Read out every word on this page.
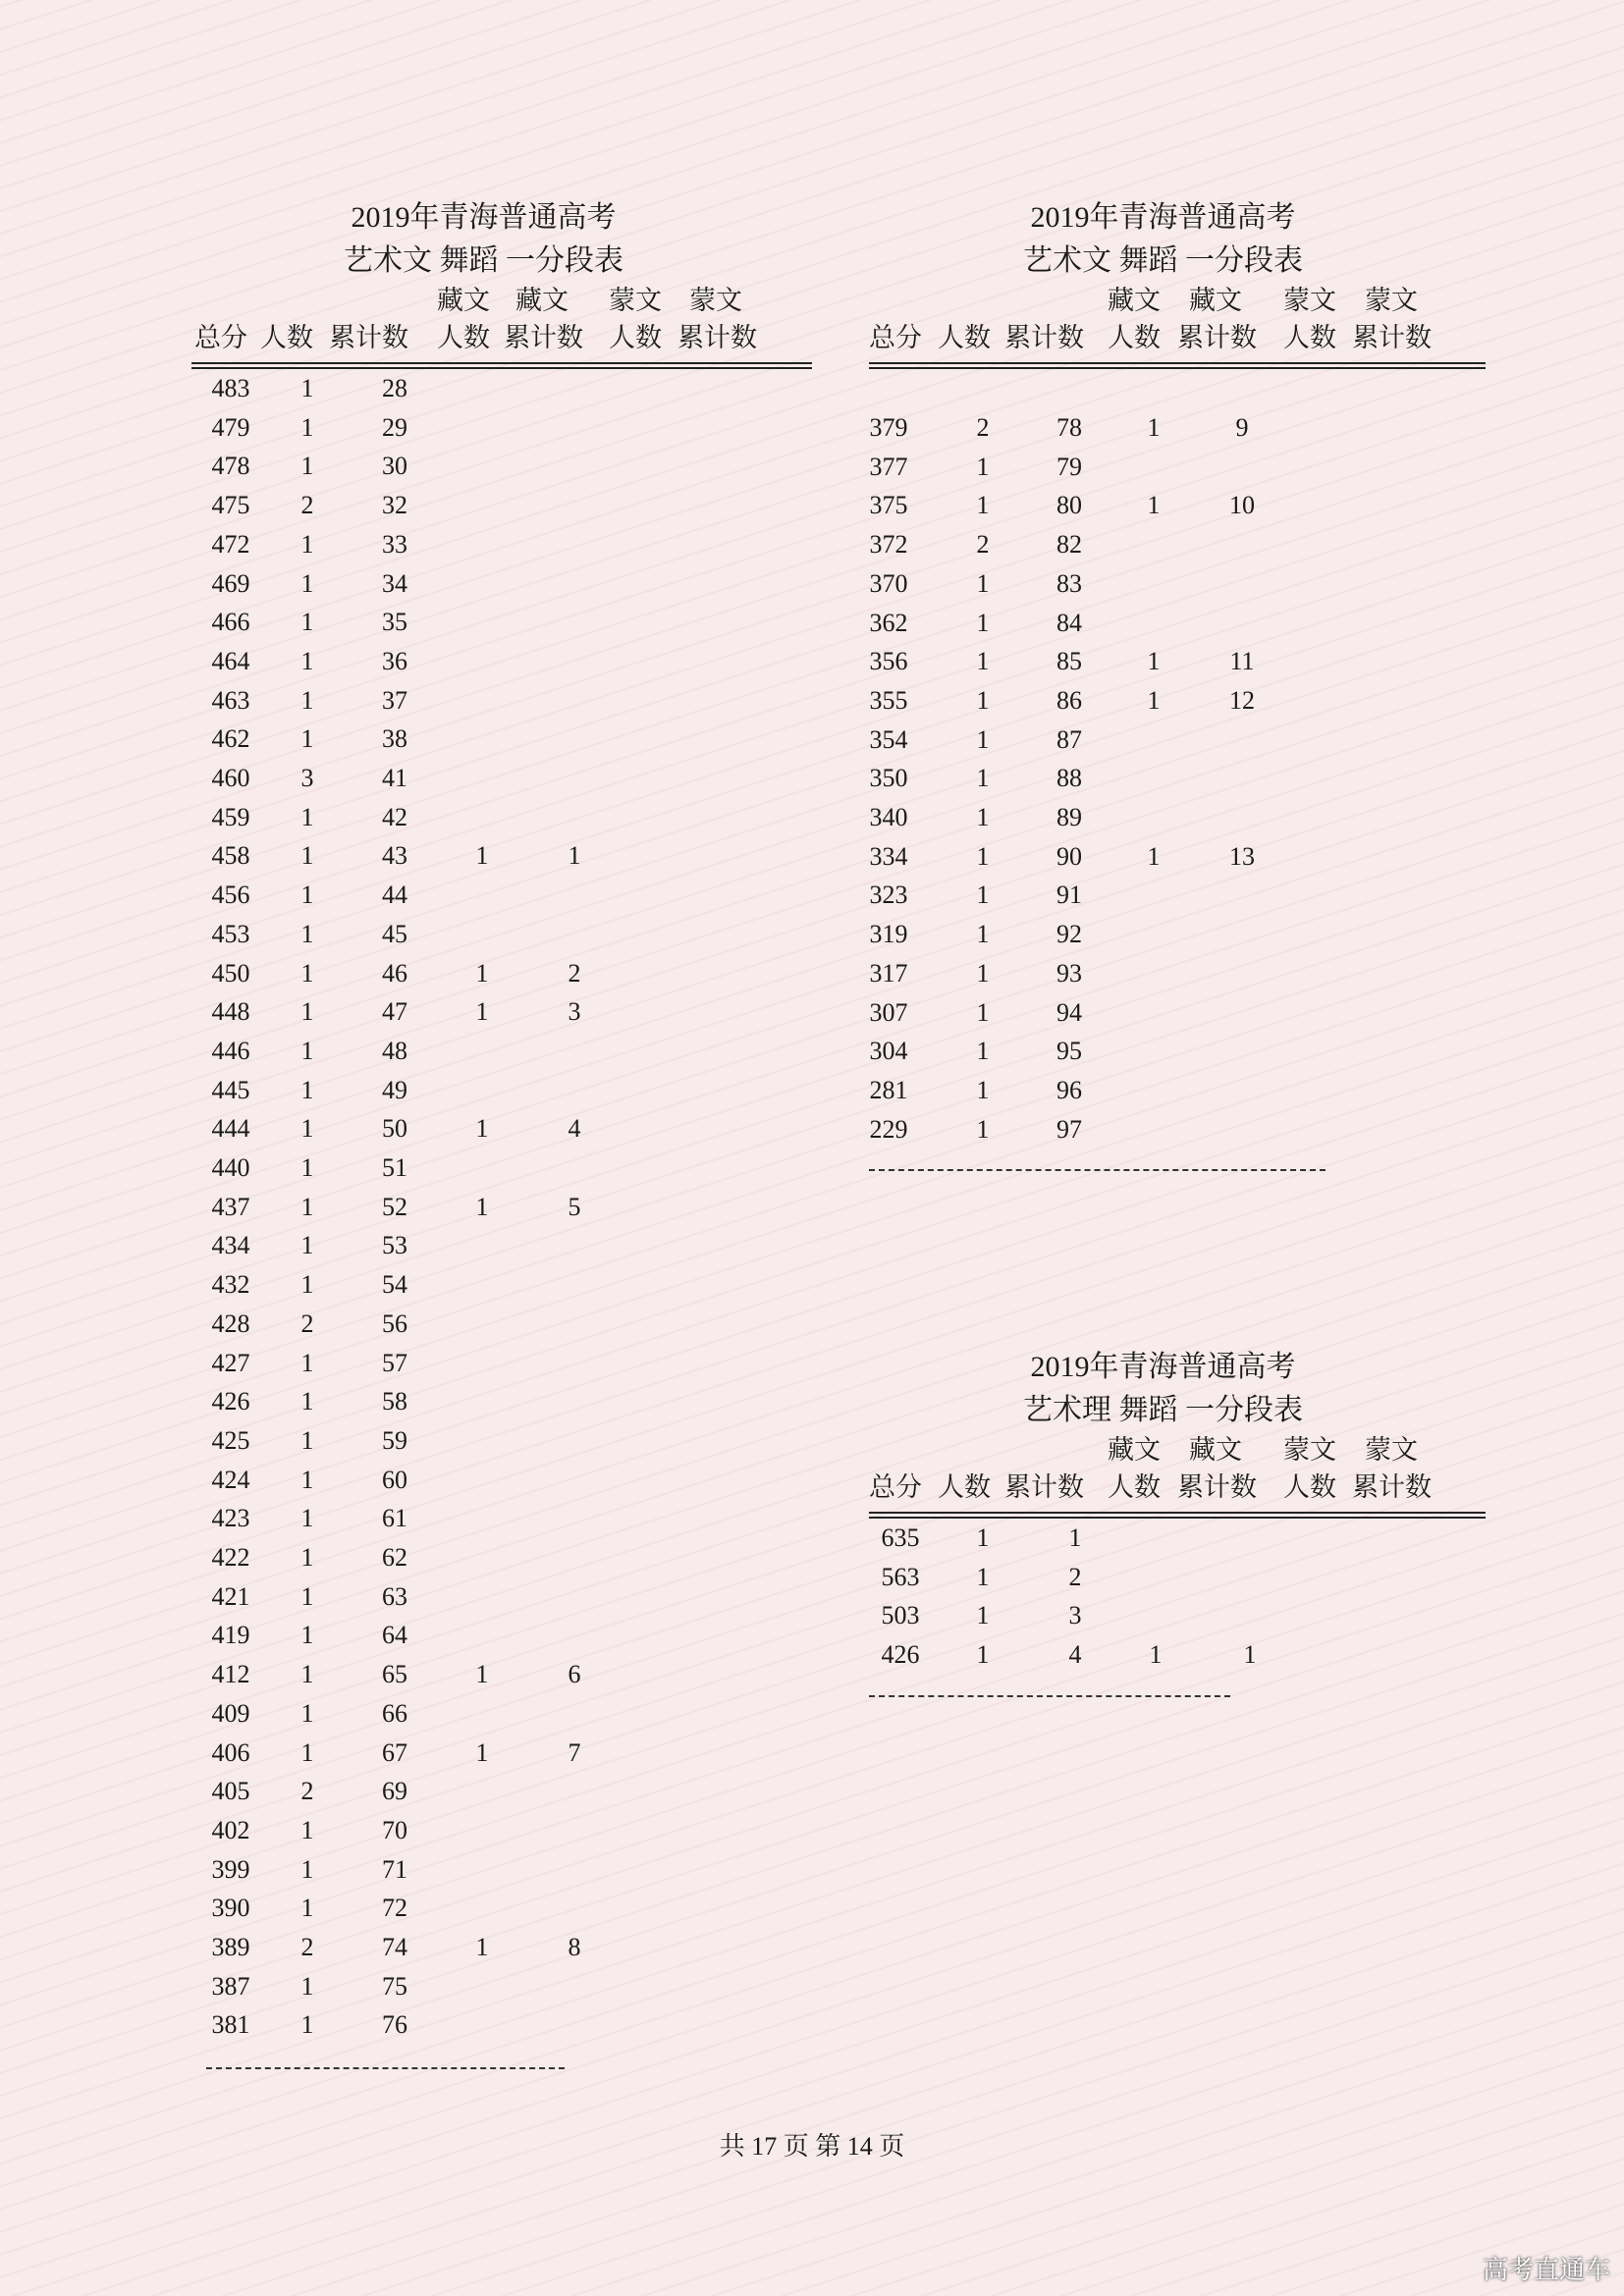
2019年青海普通高考
艺术文 舞蹈 一分段表
藏文 藏文 蒙文 蒙文
总分 人数 累计数 人数 累计数 人数 累计数
483	1	28
479	1	29
478	1	30
475	2	32
472	1	33
469	1	34
466	1	35
464	1	36
463	1	37
462	1	38
460	3	41
459	1	42
458	1	43	1	1
456	1	44
453	1	45
450	1	46	1	2
448	1	47	1	3
446	1	48
445	1	49
444	1	50	1	4
440	1	51
437	1	52	1	5
434	1	53
432	1	54
428	2	56
427	1	57
426	1	58
425	1	59
424	1	60
423	1	61
422	1	62
421	1	63
419	1	64
412	1	65	1	6
409	1	66
406	1	67	1	7
405	2	69
402	1	70
399	1	71
390	1	72
389	2	74	1	8
387	1	75
381	1	76
2019年青海普通高考
艺术文 舞蹈 一分段表
藏文 藏文 蒙文 蒙文
总分 人数 累计数 人数 累计数 人数 累计数
379	2	78	1	9
377	1	79
375	1	80	1	10
372	2	82
370	1	83
362	1	84
356	1	85	1	11
355	1	86	1	12
354	1	87
350	1	88
340	1	89
334	1	90	1	13
323	1	91
319	1	92
317	1	93
307	1	94
304	1	95
281	1	96
229	1	97
2019年青海普通高考
艺术理 舞蹈 一分段表
藏文 藏文 蒙文 蒙文
总分 人数 累计数 人数 累计数 人数 累计数
635	1	1
563	1	2
503	1	3
426	1	4	1	1
共 17 页 第 14 页
高考直通车
